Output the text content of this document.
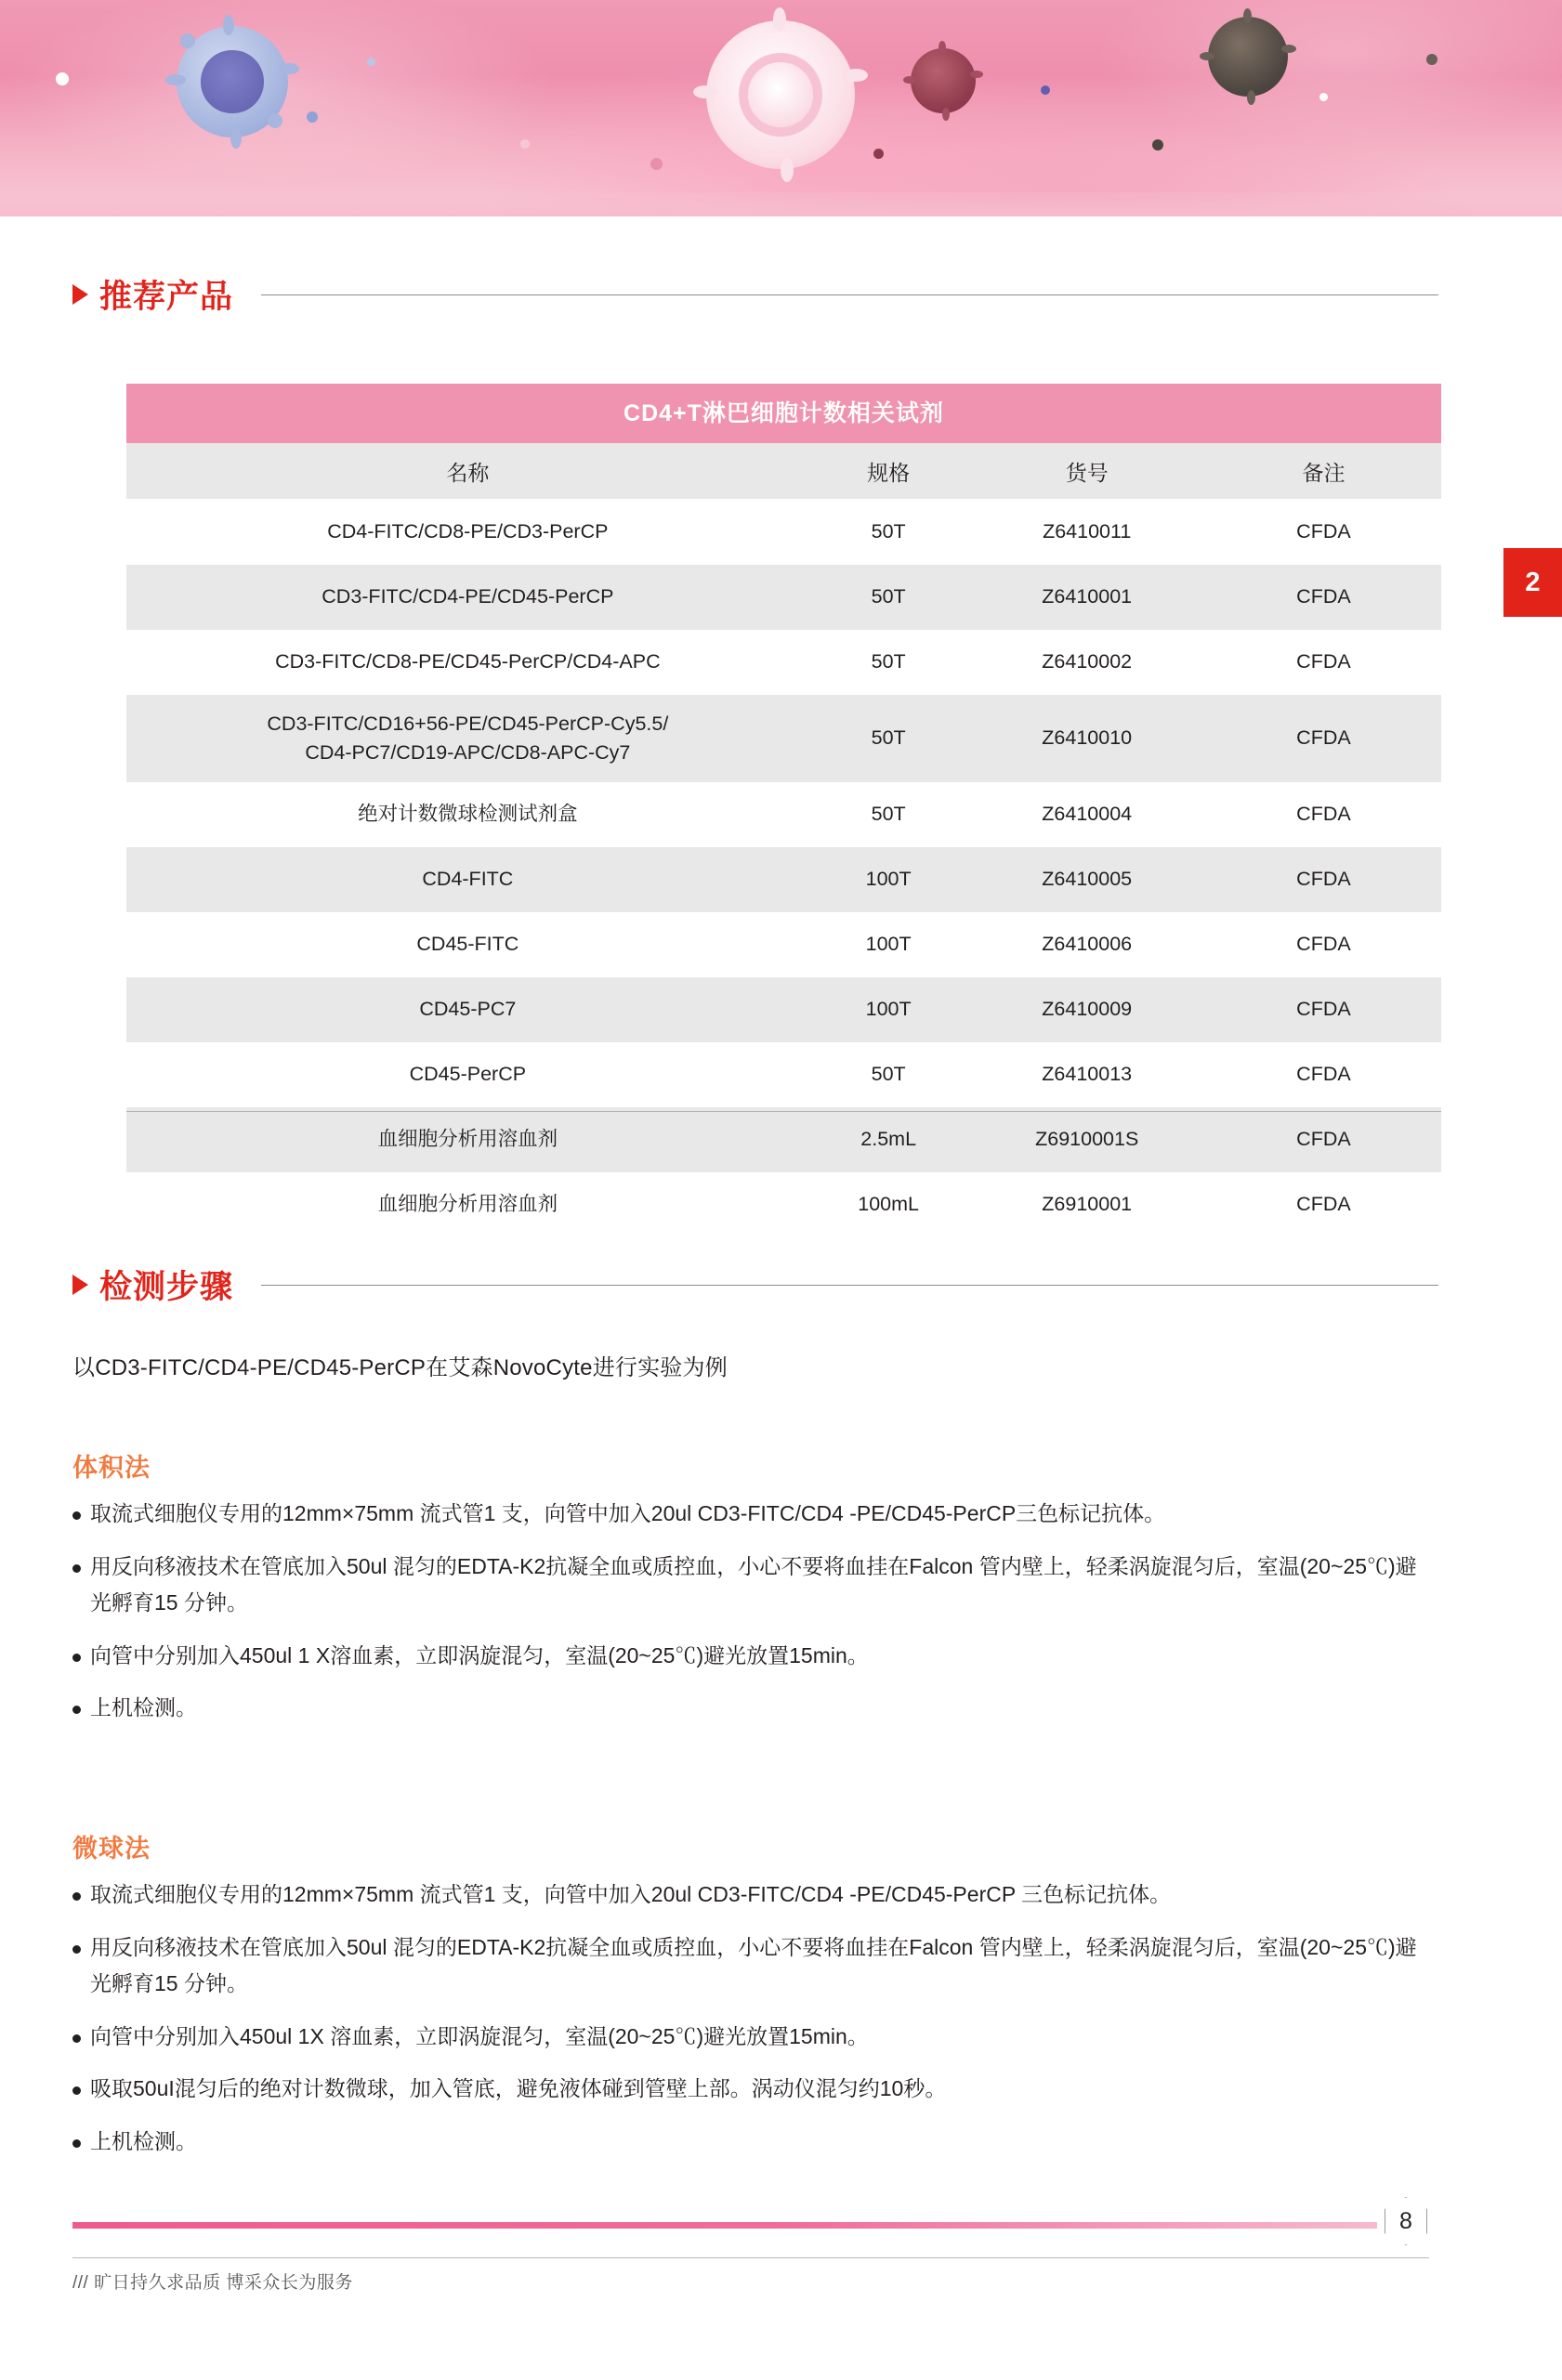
2
推荐产品
CD4+T淋巴细胞计数相关试剂
名称	规格	货号	备注
CD4-FITC/CD8-PE/CD3-PerCP	50T	Z6410011	CFDA
CD3-FITC/CD4-PE/CD45-PerCP	50T	Z6410001	CFDA
CD3-FITC/CD8-PE/CD45-PerCP/CD4-APC	50T	Z6410002	CFDA
CD3-FITC/CD16+56-PE/CD45-PerCP-Cy5.5/
CD4-PC7/CD19-APC/CD8-APC-Cy7	50T	Z6410010	CFDA
绝对计数微球检测试剂盒	50T	Z6410004	CFDA
CD4-FITC	100T	Z6410005	CFDA
CD45-FITC	100T	Z6410006	CFDA
CD45-PC7	100T	Z6410009	CFDA
CD45-PerCP	50T	Z6410013	CFDA
血细胞分析用溶血剂	2.5mL	Z6910001S	CFDA
血细胞分析用溶血剂	100mL	Z6910001	CFDA
检测步骤
以CD3-FITC/CD4-PE/CD45-PerCP在艾森NovoCyte进行实验为例
体积法
取流式细胞仪专用的12mm×75mm 流式管1 支，向管中加入20ul CD3-FITC/CD4 -PE/CD45-PerCP三色标记抗体。
用反向移液技术在管底加入50ul 混匀的EDTA-K2抗凝全血或质控血，小心不要将血挂在Falcon 管内壁上，轻柔涡旋混匀后，室温(20~25℃)避光孵育15 分钟。
向管中分别加入450ul 1 X溶血素，立即涡旋混匀，室温(20~25℃)避光放置15min。
上机检测。
微球法
取流式细胞仪专用的12mm×75mm 流式管1 支，向管中加入20ul CD3-FITC/CD4 -PE/CD45-PerCP 三色标记抗体。
用反向移液技术在管底加入50ul 混匀的EDTA-K2抗凝全血或质控血，小心不要将血挂在Falcon 管内壁上，轻柔涡旋混匀后，室温(20~25℃)避光孵育15 分钟。
向管中分别加入450ul 1X 溶血素，立即涡旋混匀，室温(20~25℃)避光放置15min。
吸取50uI混匀后的绝对计数微球，加入管底，避免液体碰到管壁上部。涡动仪混匀约10秒。
上机检测。
/// 旷日持久求品质 博采众长为服务
8
